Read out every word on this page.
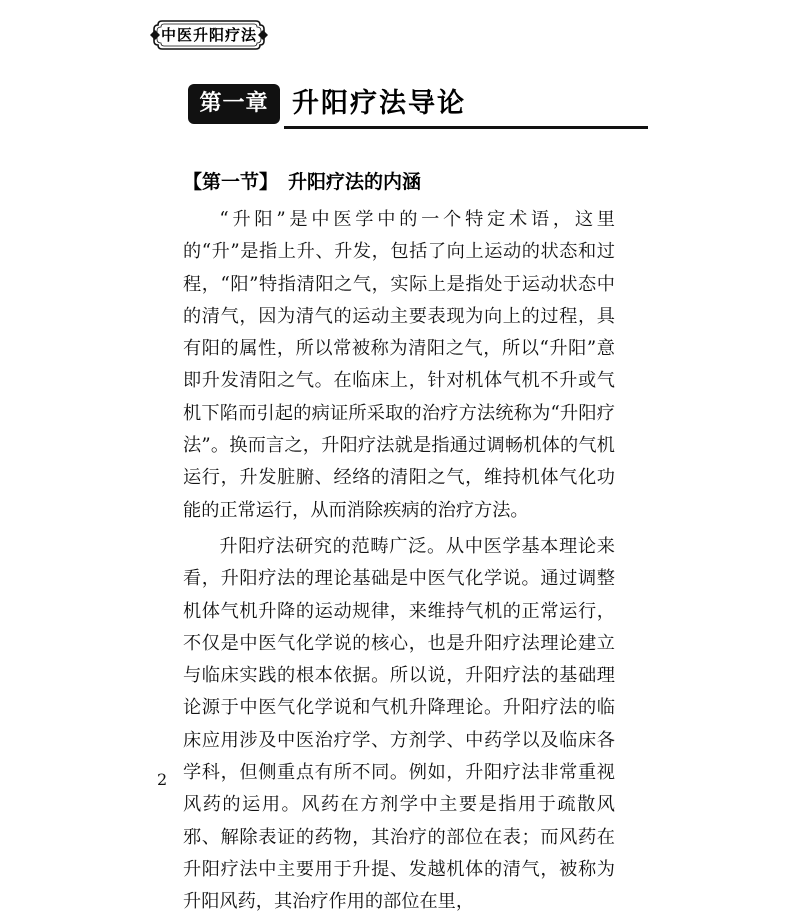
中医升阳疗法
第一章 升阳疗法导论
【第一节】 升阳疗法的内涵

“升阳”是中医学中的一个特定术语，这里的“升”是指上升、升发，包括了向上运动的状态和过程，“阳”特指清阳之气，实际上是指处于运动状态中的清气，因为清气的运动主要表现为向上的过程，具有阳的属性，所以常被称为清阳之气，所以“升阳”意即升发清阳之气。在临床上，针对机体气机不升或气机下陷而引起的病证所采取的治疗方法统称为“升阳疗法”。换而言之，升阳疗法就是指通过调畅机体的气机运行，升发脏腑、经络的清阳之气，维持机体气化功能的正常运行，从而消除疾病的治疗方法。

升阳疗法研究的范畴广泛。从中医学基本理论来看，升阳疗法的理论基础是中医气化学说。通过调整机体气机升降的运动规律，来维持气机的正常运行，不仅是中医气化学说的核心，也是升阳疗法理论建立与临床实践的根本依据。所以说，升阳疗法的基础理论源于中医气化学说和气机升降理论。升阳疗法的临床应用涉及中医治疗学、方剂学、中药学以及临床各学科，但侧重点有所不同。例如，升阳疗法非常重视风药的运用。风药在方剂学中主要是指用于疏散风邪、解除表证的药物，其治疗的部位在表；而风药在升阳疗法中主要用于升提、发越机体的清气，被称为升阳风药，其治疗作用的部位在里，

2
